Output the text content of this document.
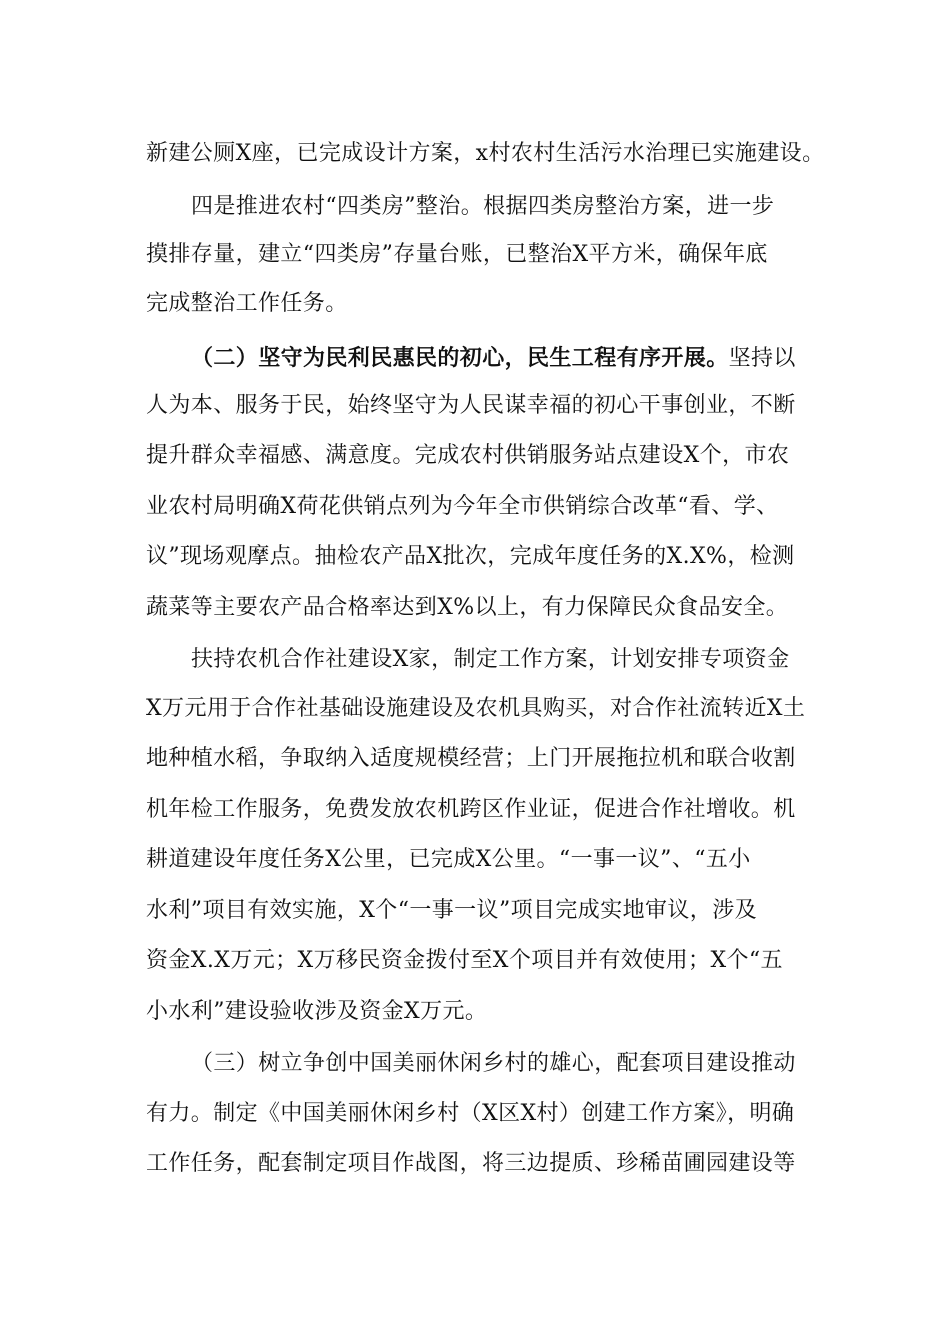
新建公厕X座，已完成设计方案，x村农村生活污水治理已实施建设。
四是推进农村“四类房”整治。根据四类房整治方案，进一步
摸排存量，建立“四类房”存量台账，已整治X平方米，确保年底
完成整治工作任务。
（二）坚守为民利民惠民的初心，民生工程有序开展。坚持以
人为本、服务于民，始终坚守为人民谋幸福的初心干事创业，不断
提升群众幸福感、满意度。完成农村供销服务站点建设X个，市农
业农村局明确X荷花供销点列为今年全市供销综合改革“看、学、
议”现场观摩点。抽检农产品X批次，完成年度任务的X.X%，检测
蔬菜等主要农产品合格率达到X%以上，有力保障民众食品安全。
扶持农机合作社建设X家，制定工作方案，计划安排专项资金
X万元用于合作社基础设施建设及农机具购买，对合作社流转近X土
地种植水稻，争取纳入适度规模经营；上门开展拖拉机和联合收割
机年检工作服务，免费发放农机跨区作业证，促进合作社增收。机
耕道建设年度任务X公里，已完成X公里。“一事一议”、“五小
水利”项目有效实施，X个“一事一议”项目完成实地审议，涉及
资金X.X万元；X万移民资金拨付至X个项目并有效使用；X个“五
小水利”建设验收涉及资金X万元。
（三）树立争创中国美丽休闲乡村的雄心，配套项目建设推动
有力。制定《中国美丽休闲乡村（X区X村）创建工作方案》，明确
工作任务，配套制定项目作战图，将三边提质、珍稀苗圃园建设等
